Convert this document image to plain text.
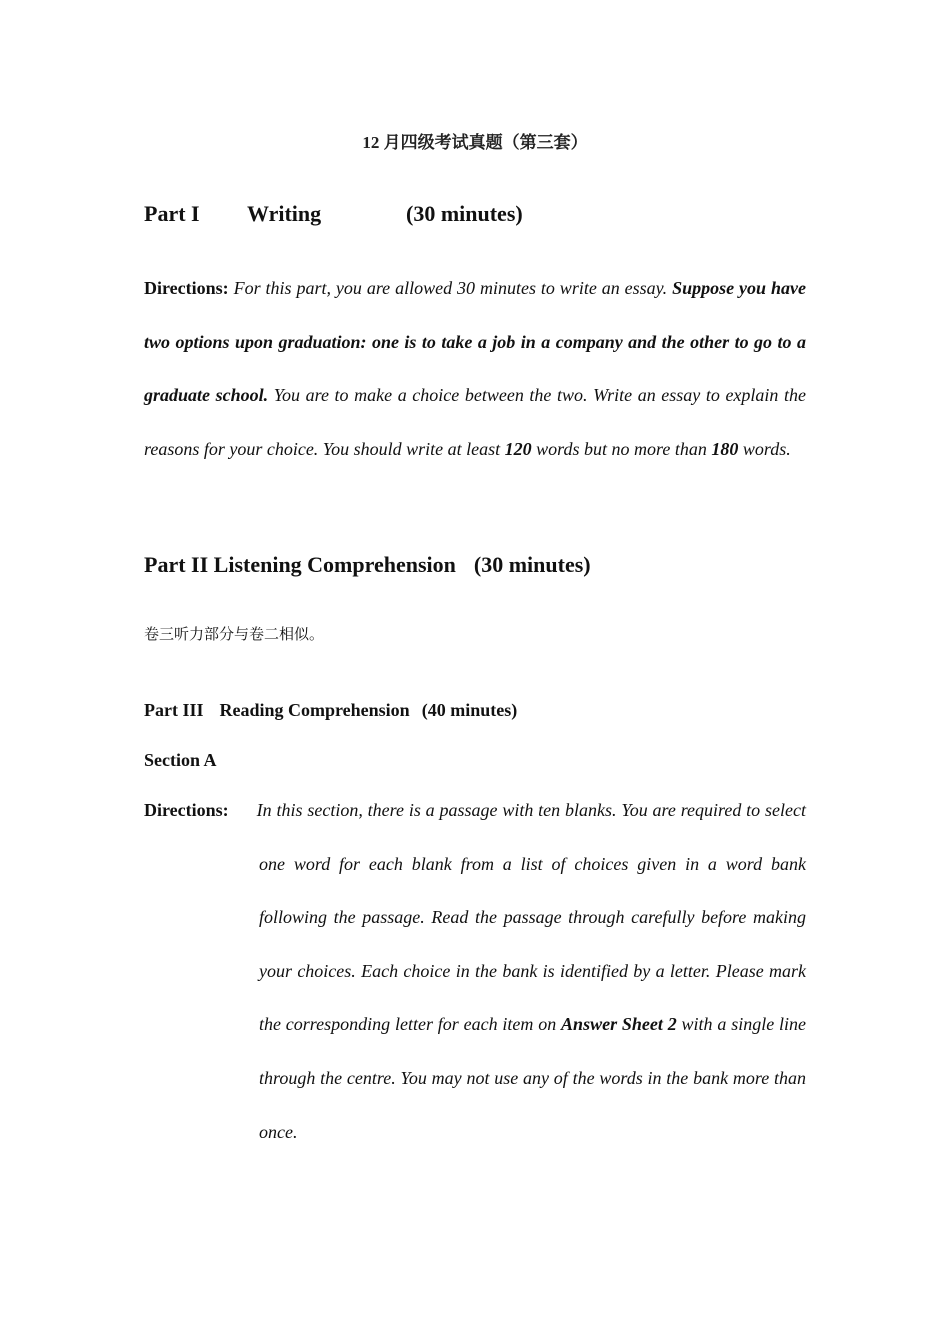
12 月四级考试真题（第三套）
Part I Writing	(30 minutes)
Directions: For this part, you are allowed 30 minutes to write an essay. Suppose you have two options upon graduation: one is to take a job in a company and the other to go to a graduate school. You are to make a choice between the two. Write an essay to explain the reasons for your choice. You should write at least 120 words but no more than 180 words.
Part II Listening Comprehension (30 minutes)
卷三听力部分与卷二相似。
Part III Reading Comprehension (40 minutes)
Section A
Directions: In this section, there is a passage with ten blanks. You are required to select one word for each blank from a list of choices given in a word bank following the passage. Read the passage through carefully before making your choices. Each choice in the bank is identified by a letter. Please mark the corresponding letter for each item on Answer Sheet 2 with a single line through the centre. You may not use any of the words in the bank more than once.
